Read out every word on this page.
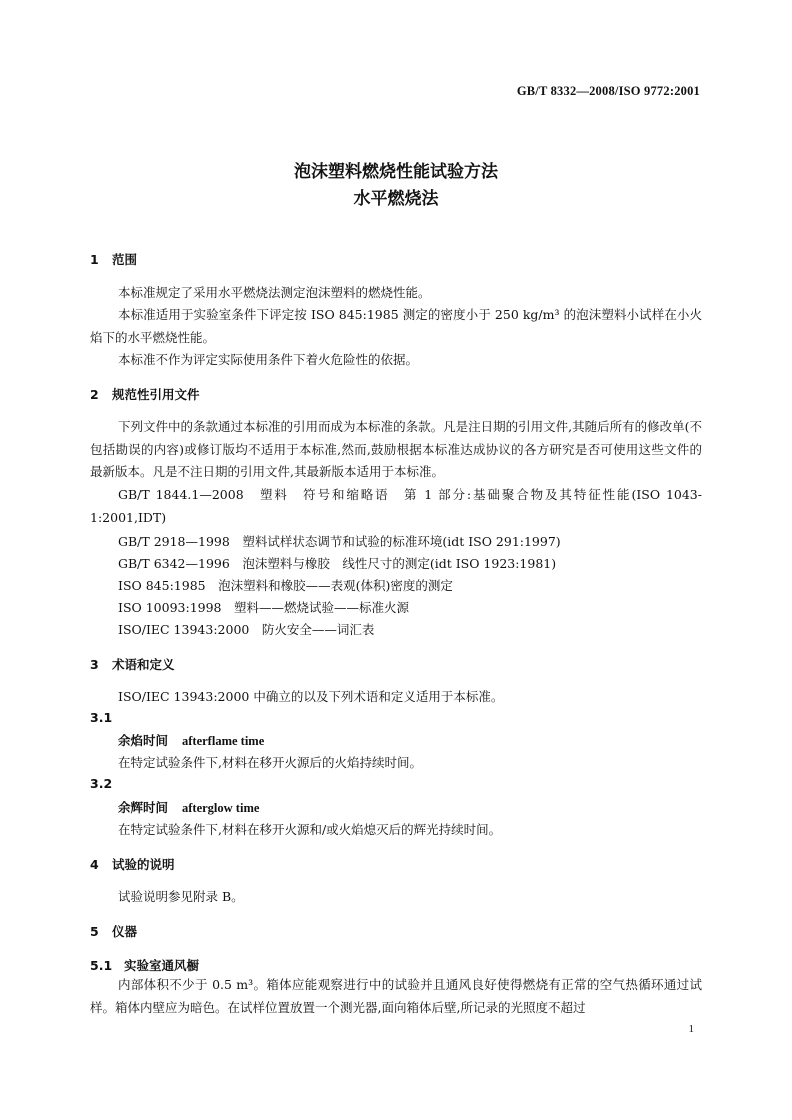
GB/T 8332—2008/ISO 9772:2001
泡沫塑料燃烧性能试验方法
水平燃烧法
1 范围

本标准规定了采用水平燃烧法测定泡沫塑料的燃烧性能。

本标准适用于实验室条件下评定按 ISO 845:1985 测定的密度小于 250 kg/m³ 的泡沫塑料小试样在小火焰下的水平燃烧性能。

本标准不作为评定实际使用条件下着火危险性的依据。

2 规范性引用文件

下列文件中的条款通过本标准的引用而成为本标准的条款。凡是注日期的引用文件,其随后所有的修改单(不包括勘误的内容)或修订版均不适用于本标准,然而,鼓励根据本标准达成协议的各方研究是否可使用这些文件的最新版本。凡是不注日期的引用文件,其最新版本适用于本标准。

GB/T 1844.1—2008　塑料　符号和缩略语　第 1 部分:基础聚合物及其特征性能(ISO 1043-1:2001,IDT)

GB/T 2918—1998　塑料试样状态调节和试验的标准环境(idt ISO 291:1997)
GB/T 6342—1996　泡沫塑料与橡胶　线性尺寸的测定(idt ISO 1923:1981)
ISO 845:1985　泡沫塑料和橡胶——表观(体积)密度的测定
ISO 10093:1998　塑料——燃烧试验——标准火源
ISO/IEC 13943:2000　防火安全——词汇表
3 术语和定义
ISO/IEC 13943:2000 中确立的以及下列术语和定义适用于本标准。
3.1
余焰时间 afterflame time
在特定试验条件下,材料在移开火源后的火焰持续时间。
3.2
余辉时间 afterglow time
在特定试验条件下,材料在移开火源和/或火焰熄灭后的辉光持续时间。
4 试验的说明
试验说明参见附录 B。
5 仪器
5.1 实验室通风橱

内部体积不少于 0.5 m³。箱体应能观察进行中的试验并且通风良好使得燃烧有正常的空气热循环通过试样。箱体内壁应为暗色。在试样位置放置一个测光器,面向箱体后壁,所记录的光照度不超过

1
